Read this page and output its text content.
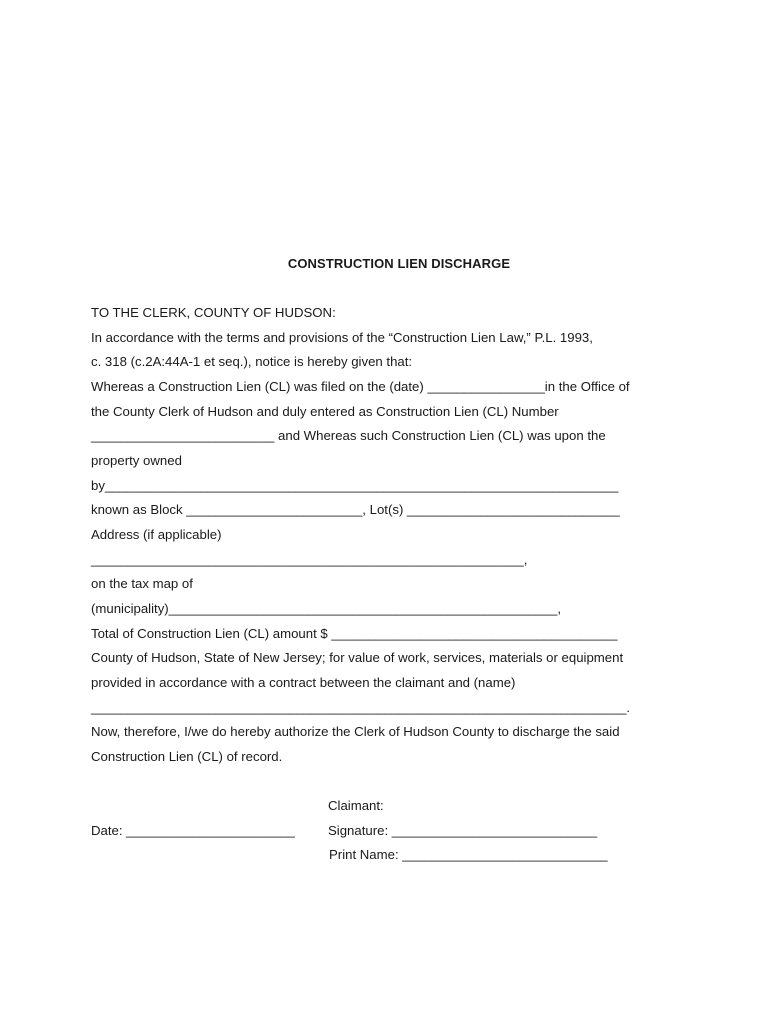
CONSTRUCTION LIEN DISCHARGE
TO THE CLERK, COUNTY OF HUDSON:
In accordance with the terms and provisions of the “Construction Lien Law,” P.L. 1993,
c. 318 (c.2A:44A-1 et seq.), notice is hereby given that:
Whereas a Construction Lien (CL) was filed on the (date) ________________in the Office of
the County Clerk of Hudson and duly entered as Construction Lien (CL) Number
_________________________ and Whereas such Construction Lien (CL) was upon the
property owned
by______________________________________________________________________
known as Block ________________________, Lot(s) _____________________________
Address (if applicable)
___________________________________________________________,
on the tax map of
(municipality)_____________________________________________________,
Total of Construction Lien (CL) amount $ _______________________________________
County of Hudson, State of New Jersey; for value of work, services, materials or equipment
provided in accordance with a contract between the claimant and (name)
_________________________________________________________________________.
Now, therefore, I/we do hereby authorize the Clerk of Hudson County to discharge the said
Construction Lien (CL) of record.
Claimant:
Date: _______________________	Signature: ____________________________
Print Name: ____________________________
